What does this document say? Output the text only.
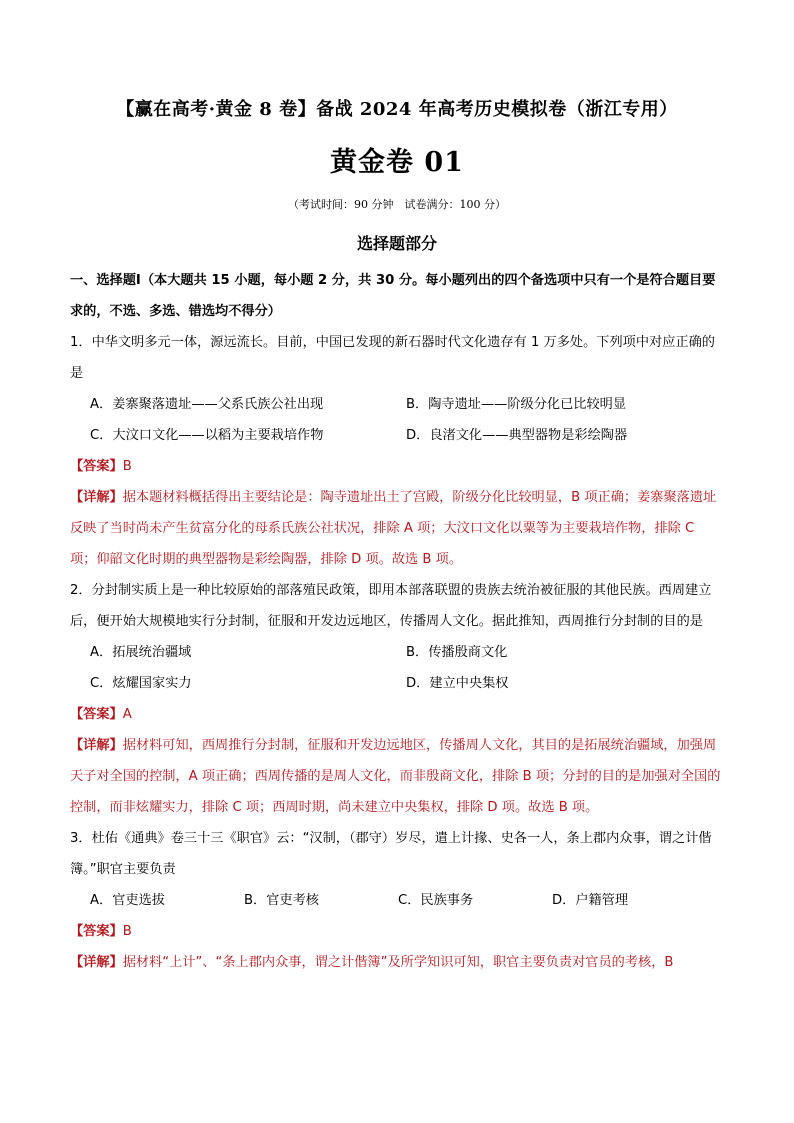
【赢在高考·黄金 8 卷】备战 2024 年高考历史模拟卷（浙江专用）
黄金卷 01
（考试时间：90 分钟　试卷满分：100 分）
选择题部分
一、选择题Ⅰ（本大题共 15 小题，每小题 2 分，共 30 分。每小题列出的四个备选项中只有一个是符合题目要求的，不选、多选、错选均不得分）
1．中华文明多元一体，源远流长。目前，中国已发现的新石器时代文化遗存有 1 万多处。下列项中对应正确的是
A．姜寨聚落遗址——父系氏族公社出现	B．陶寺遗址——阶级分化已比较明显
C．大汶口文化——以稻为主要栽培作物	D．良渚文化——典型器物是彩绘陶器
【答案】B
【详解】据本题材料概括得出主要结论是：陶寺遗址出土了宫殿，阶级分化比较明显，B 项正确；姜寨聚落遗址反映了当时尚未产生贫富分化的母系氏族公社状况，排除 A 项；大汶口文化以粟等为主要栽培作物，排除 C 项；仰韶文化时期的典型器物是彩绘陶器，排除 D 项。故选 B 项。
2．分封制实质上是一种比较原始的部落殖民政策，即用本部落联盟的贵族去统治被征服的其他民族。西周建立后，便开始大规模地实行分封制，征服和开发边远地区，传播周人文化。据此推知，西周推行分封制的目的是
A．拓展统治疆域	B．传播殷商文化
C．炫耀国家实力	D．建立中央集权
【答案】A
【详解】据材料可知，西周推行分封制，征服和开发边远地区，传播周人文化，其目的是拓展统治疆域，加强周天子对全国的控制，A 项正确；西周传播的是周人文化，而非殷商文化，排除 B 项；分封的目的是加强对全国的控制，而非炫耀实力，排除 C 项；西周时期，尚未建立中央集权，排除 D 项。故选 B 项。
3．杜佑《通典》卷三十三《职官》云：“汉制，（郡守）岁尽，遣上计掾、史各一人，条上郡内众事，谓之计偕簿。”职官主要负责
A．官吏选拔	B．官吏考核	C．民族事务	D．户籍管理
【答案】B
【详解】据材料“上计”、“条上郡内众事，谓之计偕簿”及所学知识可知，职官主要负责对官员的考核，B
